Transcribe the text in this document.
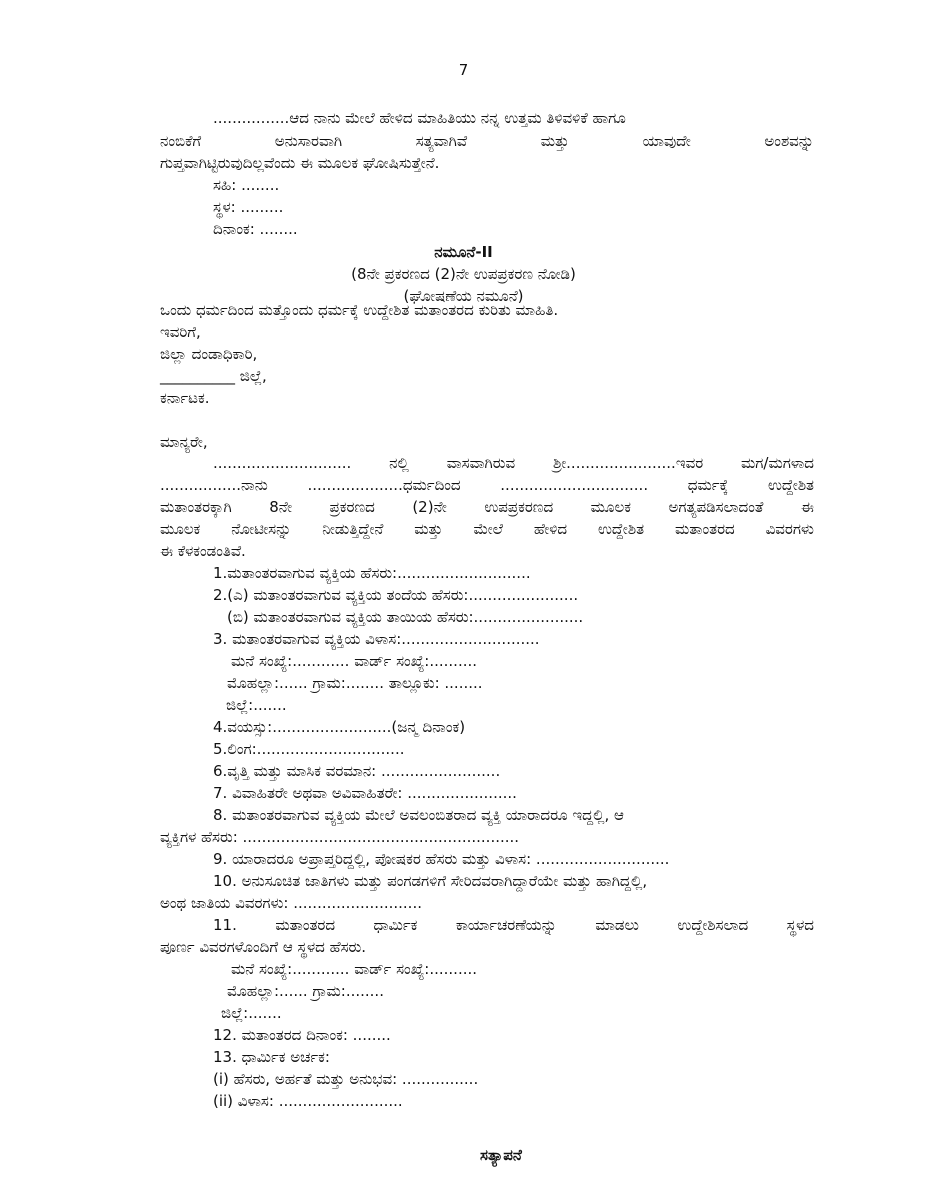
7
................ಆದ ನಾನು ಮೇಲೆ ಹೇಳಿದ ಮಾಹಿತಿಯು ನನ್ನ ಉತ್ತಮ ತಿಳಿವಳಿಕೆ ಹಾಗೂ
ನಂಬಿಕೆಗೆ	ಅನುಸಾರವಾಗಿ	ಸತ್ಯವಾಗಿವೆ	ಮತ್ತು	ಯಾವುದೇ	ಅಂಶವನ್ನು
ಗುಪ್ತವಾಗಿಟ್ಟಿರುವುದಿಲ್ಲವೆಂದು ಈ ಮೂಲಕ ಘೋಷಿಸುತ್ತೇನೆ.
ಸಹಿ: ........
ಸ್ಥಳ: .........
ದಿನಾಂಕ: ........
ನಮೂನೆ-II
(8ನೇ ಪ್ರಕರಣದ (2)ನೇ ಉಪಪ್ರಕರಣ ನೋಡಿ)
(ಘೋಷಣೆಯ ನಮೂನೆ)
ಒಂದು ಧರ್ಮದಿಂದ ಮತ್ತೊಂದು ಧರ್ಮಕ್ಕೆ ಉದ್ದೇಶಿತ ಮತಾಂತರದ ಕುರಿತು ಮಾಹಿತಿ.
ಇವರಿಗೆ,
ಜಿಲ್ಲಾ ದಂಡಾಧಿಕಾರಿ,
__________ ಜಿಲ್ಲೆ,
ಕರ್ನಾಟಕ.
ಮಾನ್ಯರೇ,
.............................	ನಲ್ಲಿ	ವಾಸವಾಗಿರುವ	ಶ್ರೀ.......................ಇವರ	ಮಗ/ಮಗಳಾದ
.................ನಾನು	....................ಧರ್ಮದಿಂದ	...............................	ಧರ್ಮಕ್ಕೆ	ಉದ್ದೇಶಿತ
ಮತಾಂತರಕ್ಕಾಗಿ	8ನೇ	ಪ್ರಕರಣದ	(2)ನೇ	ಉಪಪ್ರಕರಣದ	ಮೂಲಕ	ಅಗತ್ಯಪಡಿಸಲಾದಂತೆ	ಈ
ಮೂಲಕ ನೋಟೀಸನ್ನು ನೀಡುತ್ತಿದ್ದೇನೆ ಮತ್ತು ಮೇಲೆ ಹೇಳಿದ ಉದ್ದೇಶಿತ ಮತಾಂತರದ ವಿವರಗಳು
ಈ ಕೆಳಕಂಡಂತಿವೆ.
1.ಮತಾಂತರವಾಗುವ ವ್ಯಕ್ತಿಯ ಹೆಸರು:............................
2.(ಎ) ಮತಾಂತರವಾಗುವ ವ್ಯಕ್ತಿಯ ತಂದೆಯ ಹೆಸರು:.......................
(ಬಿ) ಮತಾಂತರವಾಗುವ ವ್ಯಕ್ತಿಯ ತಾಯಿಯ ಹೆಸರು:.......................
3. ಮತಾಂತರವಾಗುವ ವ್ಯಕ್ತಿಯ ವಿಳಾಸ:.............................
ಮನೆ ಸಂಖ್ಯೆ:............ ವಾರ್ಡ್ ಸಂಖ್ಯೆ:..........
ಮೊಹಲ್ಲಾ:...... ಗ್ರಾಮ:........ ತಾಲ್ಲೂಕು: ........
ಜಿಲ್ಲೆ:.......
4.ವಯಸ್ಸು:.........................(ಜನ್ಮ ದಿನಾಂಕ)
5.ಲಿಂಗ:...............................
6.ವೃತ್ತಿ ಮತ್ತು ಮಾಸಿಕ ವರಮಾನ: .........................
7. ವಿವಾಹಿತರೇ ಅಥವಾ ಅವಿವಾಹಿತರೇ: .......................
8. ಮತಾಂತರವಾಗುವ ವ್ಯಕ್ತಿಯ ಮೇಲೆ ಅವಲಂಬಿತರಾದ ವ್ಯಕ್ತಿ ಯಾರಾದರೂ ಇದ್ದಲ್ಲಿ, ಆ
ವ್ಯಕ್ತಿಗಳ ಹೆಸರು: ..........................................................
9. ಯಾರಾದರೂ ಅಪ್ರಾಪ್ತರಿದ್ದಲ್ಲಿ, ಪೋಷಕರ ಹೆಸರು ಮತ್ತು ವಿಳಾಸ: ............................
10. ಅನುಸೂಚಿತ ಜಾತಿಗಳು ಮತ್ತು ಪಂಗಡಗಳಿಗೆ ಸೇರಿದವರಾಗಿದ್ದಾರೆಯೇ ಮತ್ತು ಹಾಗಿದ್ದಲ್ಲಿ,
ಅಂಥ ಜಾತಿಯ ವಿವರಗಳು: ...........................
11.	ಮತಾಂತರದ	ಧಾರ್ಮಿಕ	ಕಾರ್ಯಾಚರಣೆಯನ್ನು	ಮಾಡಲು	ಉದ್ದೇಶಿಸಲಾದ	ಸ್ಥಳದ
ಪೂರ್ಣ ವಿವರಗಳೊಂದಿಗೆ ಆ ಸ್ಥಳದ ಹೆಸರು.
ಮನೆ ಸಂಖ್ಯೆ:............ ವಾರ್ಡ್ ಸಂಖ್ಯೆ:..........
ಮೊಹಲ್ಲಾ:...... ಗ್ರಾಮ:........
ಜಿಲ್ಲೆ:.......
12. ಮತಾಂತರದ ದಿನಾಂಕ: ........
13. ಧಾರ್ಮಿಕ ಅರ್ಚಕ:
(i) ಹೆಸರು, ಅರ್ಹತೆ ಮತ್ತು ಅನುಭವ: ................
(ii) ವಿಳಾಸ: ..........................
ಸತ್ಯಾಪನೆ
